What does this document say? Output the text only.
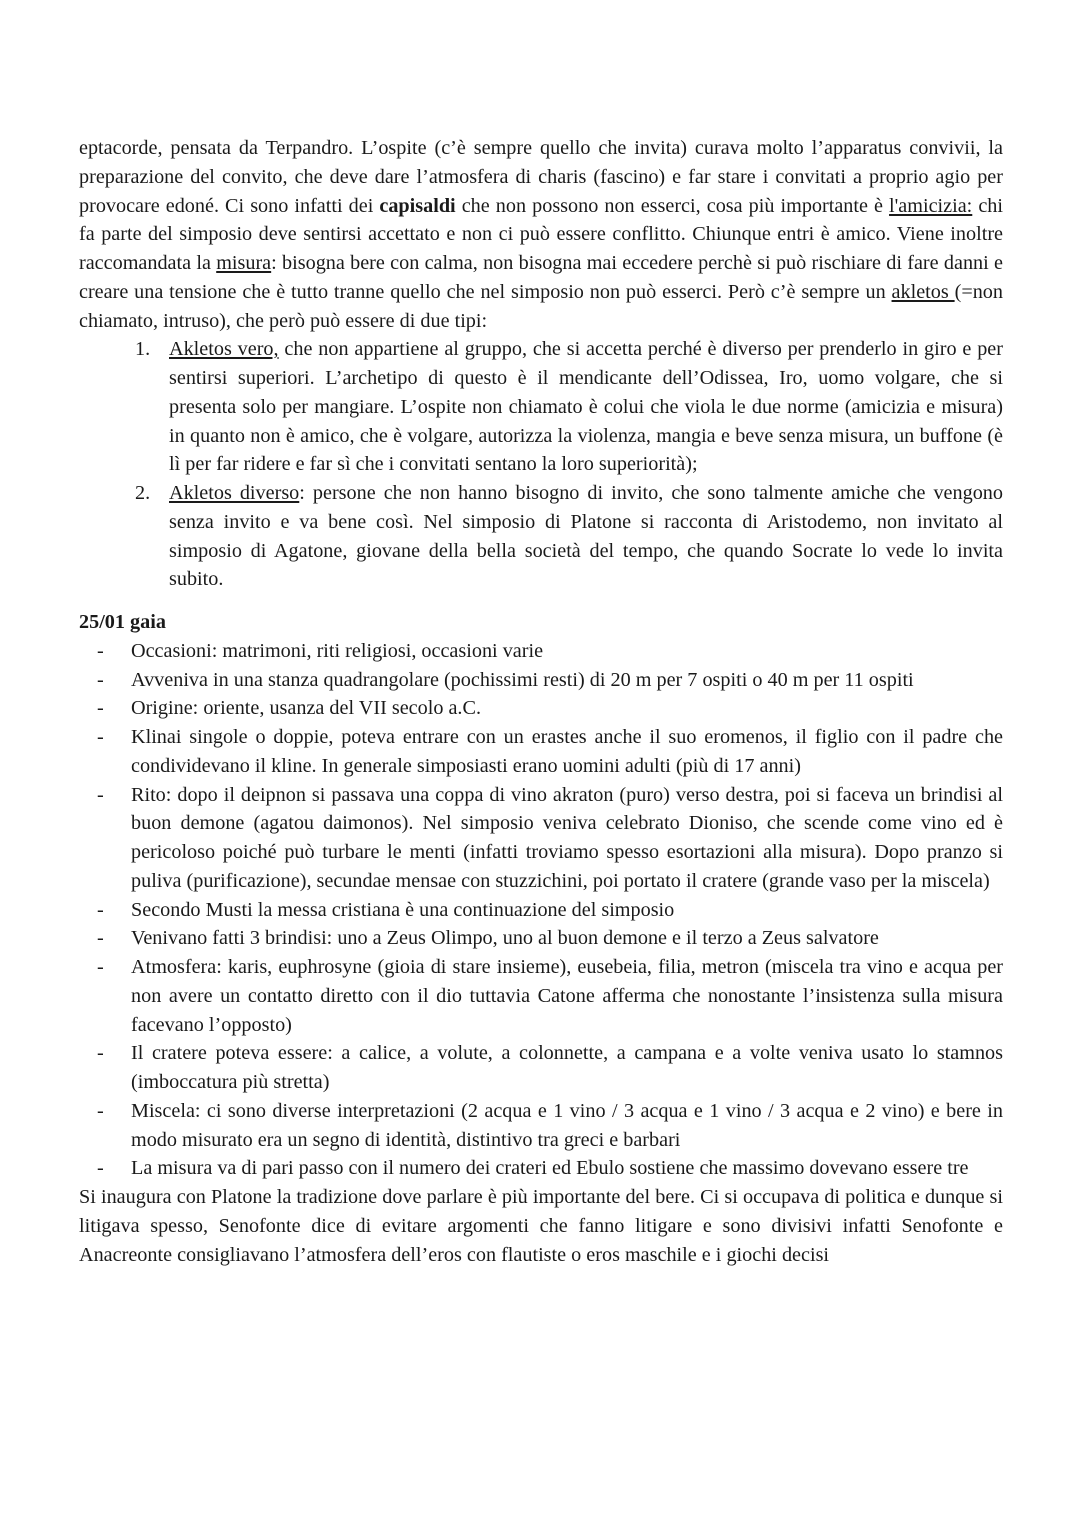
eptacorde, pensata da Terpandro. L’ospite (c’è sempre quello che invita) curava molto l’apparatus convivii, la preparazione del convito, che deve dare l’atmosfera di charis (fascino) e far stare i convitati a proprio agio per provocare edoné. Ci sono infatti dei capisaldi che non possono non esserci, cosa più importante è l'amicizia: chi fa parte del simposio deve sentirsi accettato e non ci può essere conflitto. Chiunque entri è amico. Viene inoltre raccomandata la misura: bisogna bere con calma, non bisogna mai eccedere perchè si può rischiare di fare danni e creare una tensione che è tutto tranne quello che nel simposio non può esserci. Però c’è sempre un akletos (=non chiamato, intruso), che però può essere di due tipi:

1. Akletos vero, che non appartiene al gruppo, che si accetta perché è diverso per prenderlo in giro e per sentirsi superiori. L’archetipo di questo è il mendicante dell’Odissea, Iro, uomo volgare, che si presenta solo per mangiare. L’ospite non chiamato è colui che viola le due norme (amicizia e misura) in quanto non è amico, che è volgare, autorizza la violenza, mangia e beve senza misura, un buffone (è lì per far ridere e far sì che i convitati sentano la loro superiorità);
2. Akletos diverso: persone che non hanno bisogno di invito, che sono talmente amiche che vengono senza invito e va bene così. Nel simposio di Platone si racconta di Aristodemo, non invitato al simposio di Agatone, giovane della bella società del tempo, che quando Socrate lo vede lo invita subito.
25/01 gaia
- Occasioni: matrimoni, riti religiosi, occasioni varie
- Avveniva in una stanza quadrangolare (pochissimi resti) di 20 m per 7 ospiti o 40 m per 11 ospiti
- Origine: oriente, usanza del VII secolo a.C.
- Klinai singole o doppie, poteva entrare con un erastes anche il suo eromenos, il figlio con il padre che condividevano il kline. In generale simposiasti erano uomini adulti (più di 17 anni)
- Rito: dopo il deipnon si passava una coppa di vino akraton (puro) verso destra, poi si faceva un brindisi al buon demone (agatou daimonos). Nel simposio veniva celebrato Dioniso, che scende come vino ed è pericoloso poiché può turbare le menti (infatti troviamo spesso esortazioni alla misura). Dopo pranzo si puliva (purificazione), secundae mensae con stuzzichini, poi portato il cratere (grande vaso per la miscela)
- Secondo Musti la messa cristiana è una continuazione del simposio
- Venivano fatti 3 brindisi: uno a Zeus Olimpo, uno al buon demone e il terzo a Zeus salvatore
- Atmosfera: karis, euphrosyne (gioia di stare insieme), eusebeia, filia, metron (miscela tra vino e acqua per non avere un contatto diretto con il dio tuttavia Catone afferma che nonostante l’insistenza sulla misura facevano l’opposto)
- Il cratere poteva essere: a calice, a volute, a colonnette, a campana e a volte veniva usato lo stamnos (imboccatura più stretta)
- Miscela: ci sono diverse interpretazioni (2 acqua e 1 vino / 3 acqua e 1 vino / 3 acqua e 2 vino) e bere in modo misurato era un segno di identità, distintivo tra greci e barbari
- La misura va di pari passo con il numero dei crateri ed Ebulo sostiene che massimo dovevano essere tre

Si inaugura con Platone la tradizione dove parlare è più importante del bere. Ci si occupava di politica e dunque si litigava spesso, Senofonte dice di evitare argomenti che fanno litigare e sono divisivi infatti Senofonte e Anacreonte consigliavano l’atmosfera dell’eros con flautiste o eros maschile e i giochi decisi
